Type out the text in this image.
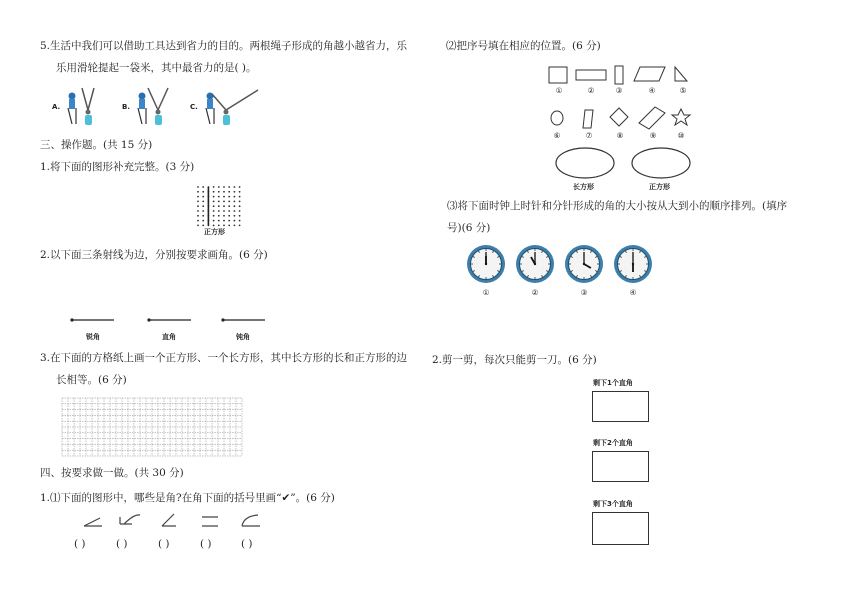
5.生活中我们可以借助工具达到省力的目的。两根绳子形成的角越小越省力，乐
乐用滑轮提起一袋米，其中最省力的是( )。
A.	B.	C.
三、操作题。(共 15 分)
1.将下面的图形补充完整。(3 分)
正方形
2.以下面三条射线为边，分别按要求画角。(6 分)
锐角	直角	钝角
3.在下面的方格纸上画一个正方形、一个长方形，其中长方形的长和正方形的边
长相等。(6 分)
四、按要求做一做。(共 30 分)
1.⑴下面的图形中，哪些是角?在角下面的括号里画“✔”。(6 分)
( )	( )	( )	( )	( )
⑵把序号填在相应的位置。(6 分)
①	②	③	④	⑤
⑥	⑦	⑧	⑨	⑩
长方形	正方形
⑶将下面时钟上时针和分针形成的角的大小按从大到小的顺序排列。(填序
号)(6 分)
①	②	③	④
2.剪一剪，每次只能剪一刀。(6 分)
剩下1个直角
剩下2个直角
剩下3个直角
